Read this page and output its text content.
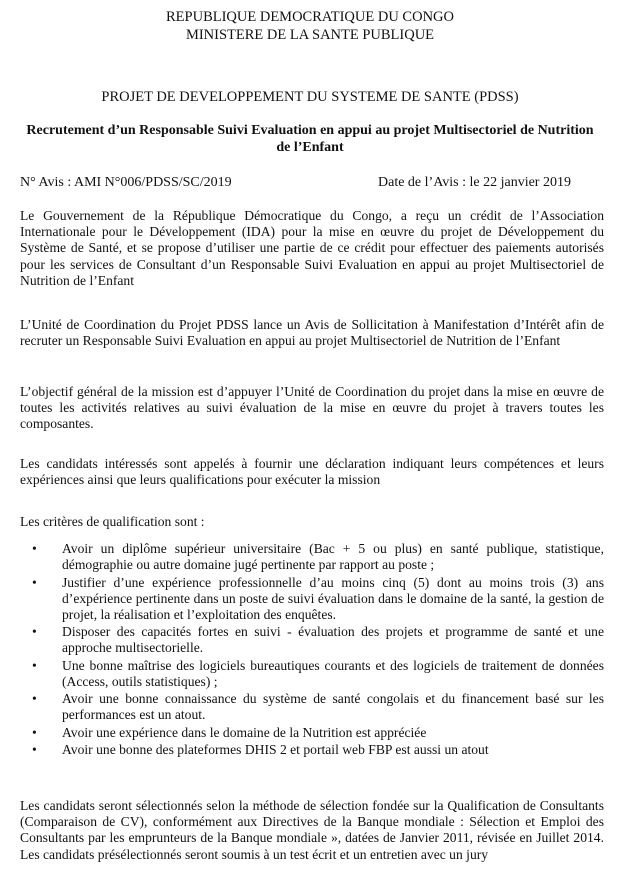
REPUBLIQUE DEMOCRATIQUE DU CONGO
MINISTERE DE LA SANTE PUBLIQUE
PROJET DE DEVELOPPEMENT DU SYSTEME DE SANTE (PDSS)
Recrutement d’un Responsable Suivi Evaluation en appui au projet Multisectoriel de Nutrition de l’Enfant
N° Avis : AMI N°006/PDSS/SC/2019	Date de l’Avis : le 22 janvier 2019
Le Gouvernement de la République Démocratique du Congo, a reçu un crédit de l’Association Internationale pour le Développement (IDA) pour la mise en œuvre du projet de Développement du Système de Santé, et se propose d’utiliser une partie de ce crédit pour effectuer des paiements autorisés pour les services de Consultant d’un Responsable Suivi Evaluation en appui au projet Multisectoriel de Nutrition de l’Enfant
L’Unité de Coordination du Projet PDSS lance un Avis de Sollicitation à Manifestation d’Intérêt afin de recruter un Responsable Suivi Evaluation en appui au projet Multisectoriel de Nutrition de l’Enfant
L’objectif général de la mission est d’appuyer l’Unité de Coordination du projet dans la mise en œuvre de toutes les activités relatives au suivi évaluation de la mise en œuvre du projet à travers toutes les composantes.
Les candidats intéressés sont appelés à fournir une déclaration indiquant leurs compétences et leurs expériences ainsi que leurs qualifications pour exécuter la mission
Les critères de qualification sont :
• Avoir un diplôme supérieur universitaire (Bac + 5 ou plus) en santé publique, statistique, démographie ou autre domaine jugé pertinente par rapport au poste ;
• Justifier d’une expérience professionnelle d’au moins cinq (5) dont au moins trois (3) ans d’expérience pertinente dans un poste de suivi évaluation dans le domaine de la santé, la gestion de projet, la réalisation et l’exploitation des enquêtes.
• Disposer des capacités fortes en suivi - évaluation des projets et programme de santé et une approche multisectorielle.
• Une bonne maîtrise des logiciels bureautiques courants et des logiciels de traitement de données (Access, outils statistiques) ;
• Avoir une bonne connaissance du système de santé congolais et du financement basé sur les performances est un atout.
• Avoir une expérience dans le domaine de la Nutrition est appréciée
• Avoir une bonne des plateformes DHIS 2 et portail web FBP est aussi un atout
Les candidats seront sélectionnés selon la méthode de sélection fondée sur la Qualification de Consultants (Comparaison de CV), conformément aux Directives de la Banque mondiale : Sélection et Emploi des Consultants par les emprunteurs de la Banque mondiale », datées de Janvier 2011, révisée en Juillet 2014. Les candidats présélectionnés seront soumis à un test écrit et un entretien avec un jury
